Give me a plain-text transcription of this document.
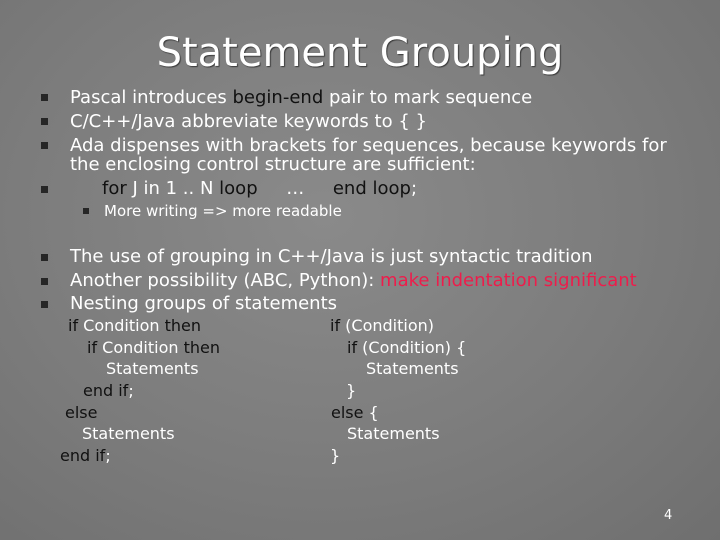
Statement Grouping
Pascal introduces begin-end pair to mark sequence
C/C++/Java abbreviate keywords to { }
Ada dispenses with brackets for sequences, because keywords for
the enclosing control structure are sufficient:
for J in 1 .. N loop     …     end loop;
More writing => more readable
The use of grouping in C++/Java is just syntactic tradition
Another possibility (ABC, Python): make indentation significant
Nesting groups of statements
if Condition then
if Condition then
Statements
end if;
else
Statements
end if;
if (Condition)
if (Condition) {
Statements
}
else {
Statements
}
4
